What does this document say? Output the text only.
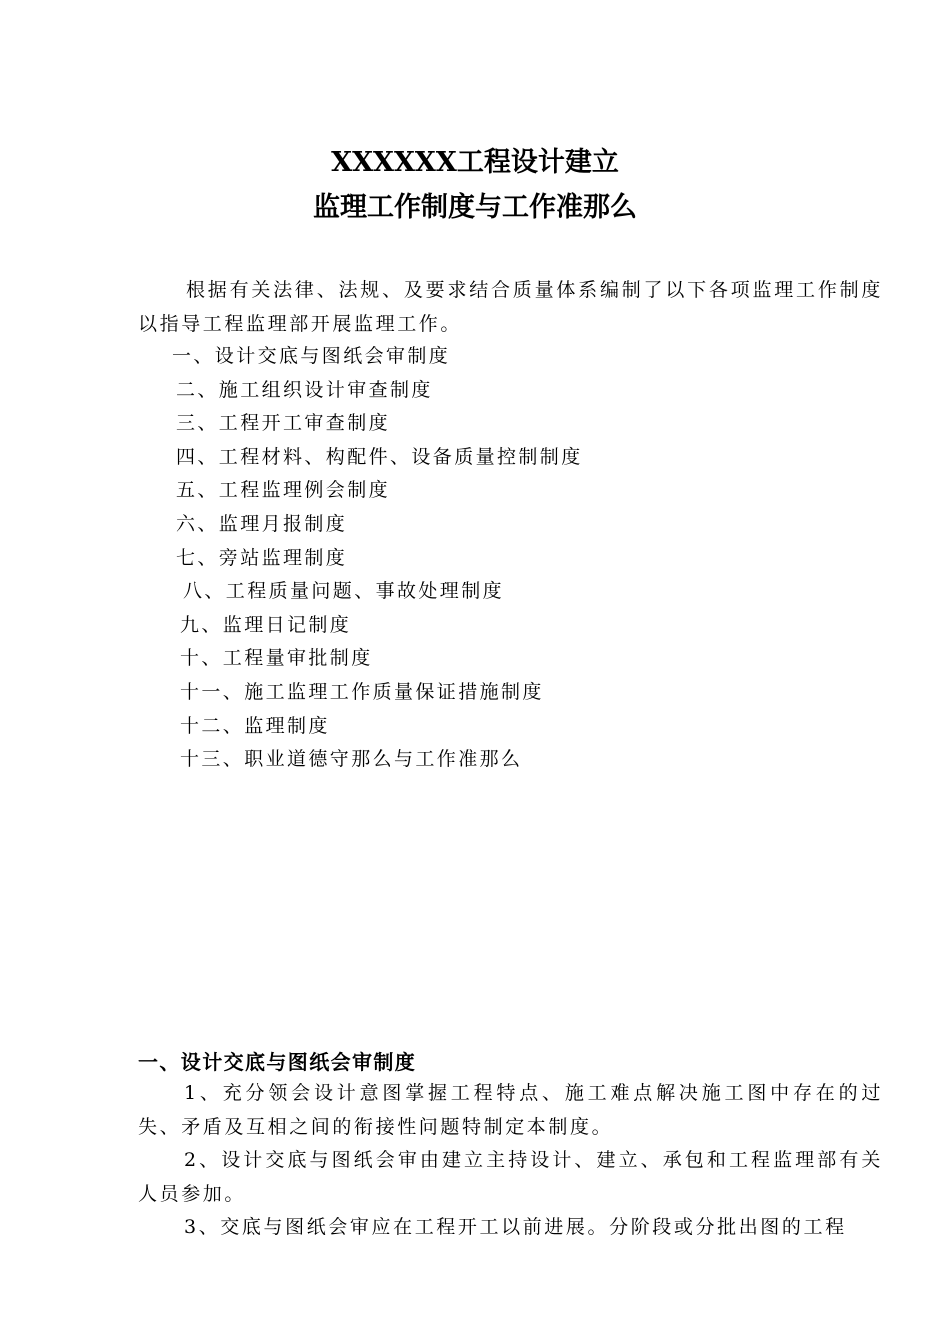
XXXXXX工程设计建立
监理工作制度与工作准那么
根据有关法律、法规、及要求结合质量体系编制了以下各项监理工作制度以指导工程监理部开展监理工作。
一、设计交底与图纸会审制度
二、施工组织设计审查制度
三、工程开工审查制度
四、工程材料、构配件、设备质量控制制度
五、工程监理例会制度
六、监理月报制度
七、旁站监理制度
八、工程质量问题、事故处理制度
九、监理日记制度
十、工程量审批制度
十一、施工监理工作质量保证措施制度
十二、监理制度
十三、职业道德守那么与工作准那么
一、设计交底与图纸会审制度
1、充分领会设计意图掌握工程特点、施工难点解决施工图中存在的过失、矛盾及互相之间的衔接性问题特制定本制度。
2、设计交底与图纸会审由建立主持设计、建立、承包和工程监理部有关人员参加。
3、交底与图纸会审应在工程开工以前进展。分阶段或分批出图的工程
